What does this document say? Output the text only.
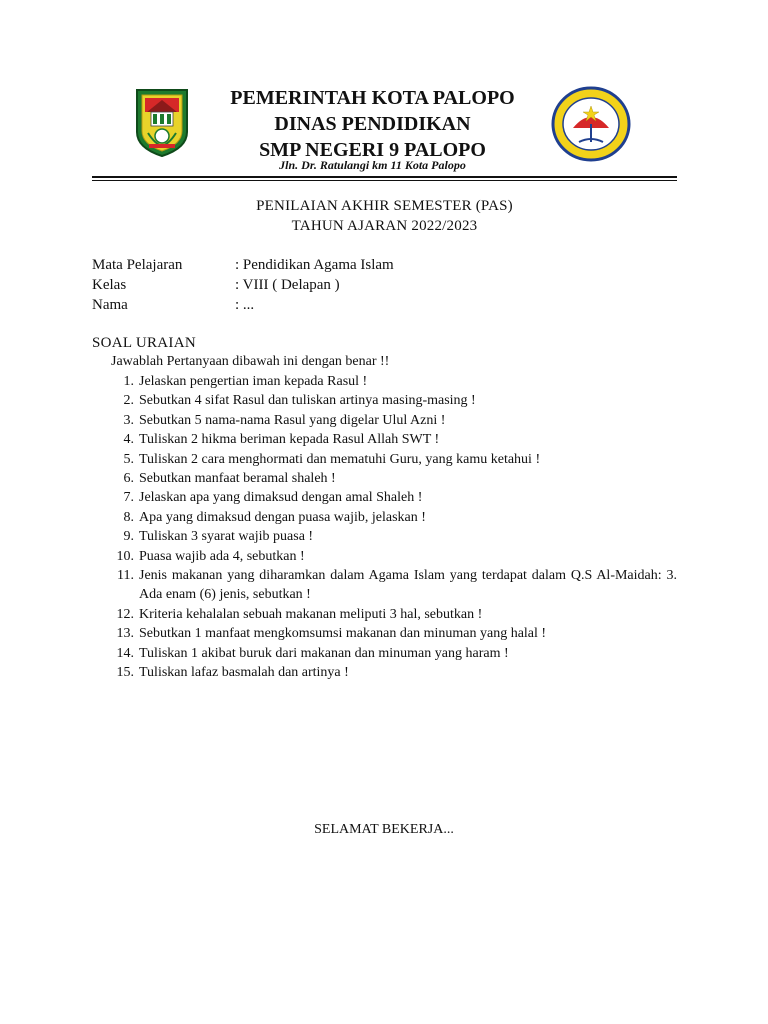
PEMERINTAH KOTA PALOPO
DINAS PENDIDIKAN
SMP NEGERI 9 PALOPO
Jln. Dr. Ratulangi km 11 Kota Palopo
PENILAIAN AKHIR SEMESTER (PAS)
TAHUN AJARAN 2022/2023
Mata Pelajaran	: Pendidikan Agama Islam
Kelas	: VIII ( Delapan )
Nama	: ...
SOAL URAIAN
Jawablah Pertanyaan dibawah ini dengan benar !!
1. Jelaskan pengertian iman kepada Rasul !
2. Sebutkan 4 sifat Rasul dan tuliskan artinya masing-masing !
3. Sebutkan 5 nama-nama Rasul yang digelar Ulul Azni !
4. Tuliskan 2 hikma beriman kepada Rasul Allah SWT !
5. Tuliskan 2 cara menghormati dan mematuhi Guru, yang kamu ketahui !
6. Sebutkan manfaat beramal shaleh !
7. Jelaskan apa yang dimaksud dengan amal Shaleh !
8. Apa yang dimaksud dengan puasa wajib, jelaskan !
9. Tuliskan 3 syarat wajib puasa !
10. Puasa wajib ada 4, sebutkan !
11. Jenis makanan yang diharamkan dalam Agama Islam yang terdapat dalam Q.S Al-Maidah: 3. Ada enam (6) jenis, sebutkan !
12. Kriteria kehalalan sebuah makanan meliputi 3 hal, sebutkan !
13. Sebutkan 1 manfaat mengkomsumsi makanan dan minuman yang halal !
14. Tuliskan 1 akibat buruk dari makanan dan minuman yang haram !
15. Tuliskan lafaz basmalah dan artinya !
SELAMAT BEKERJA...
